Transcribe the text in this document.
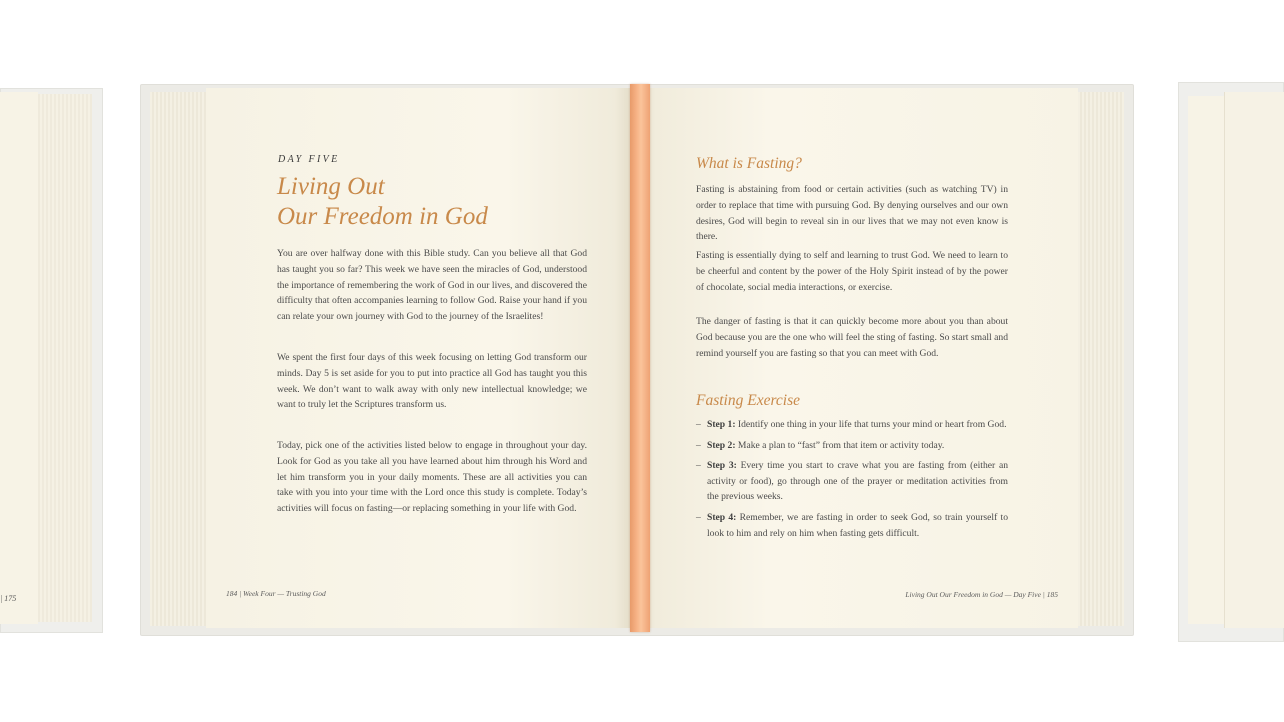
| 175
DAY FIVE
Living Out
Our Freedom in God
You are over halfway done with this Bible study. Can you believe all that God has taught you so far? This week we have seen the miracles of God, understood the importance of remembering the work of God in our lives, and discovered the difficulty that often accompanies learning to follow God. Raise your hand if you can relate your own journey with God to the journey of the Israelites!
We spent the first four days of this week focusing on letting God transform our minds. Day 5 is set aside for you to put into practice all God has taught you this week. We don’t want to walk away with only new intellectual knowledge; we want to truly let the Scriptures transform us.
Today, pick one of the activities listed below to engage in throughout your day. Look for God as you take all you have learned about him through his Word and let him transform you in your daily moments. These are all activities you can take with you into your time with the Lord once this study is complete. Today’s activities will focus on fasting—or replacing something in your life with God.
184 | Week Four — Trusting God
What is Fasting?
Fasting is abstaining from food or certain activities (such as watching TV) in order to replace that time with pursuing God. By denying ourselves and our own desires, God will begin to reveal sin in our lives that we may not even know is there.
Fasting is essentially dying to self and learning to trust God. We need to learn to be cheerful and content by the power of the Holy Spirit instead of by the power of chocolate, social media interactions, or exercise.
The danger of fasting is that it can quickly become more about you than about God because you are the one who will feel the sting of fasting. So start small and remind yourself you are fasting so that you can meet with God.
Fasting Exercise
– Step 1: Identify one thing in your life that turns your mind or heart from God.
– Step 2: Make a plan to “fast” from that item or activity today.
– Step 3: Every time you start to crave what you are fasting from (either an activity or food), go through one of the prayer or meditation activities from the previous weeks.
– Step 4: Remember, we are fasting in order to seek God, so train yourself to look to him and rely on him when fasting gets difficult.
Living Out Our Freedom in God — Day Five | 185
